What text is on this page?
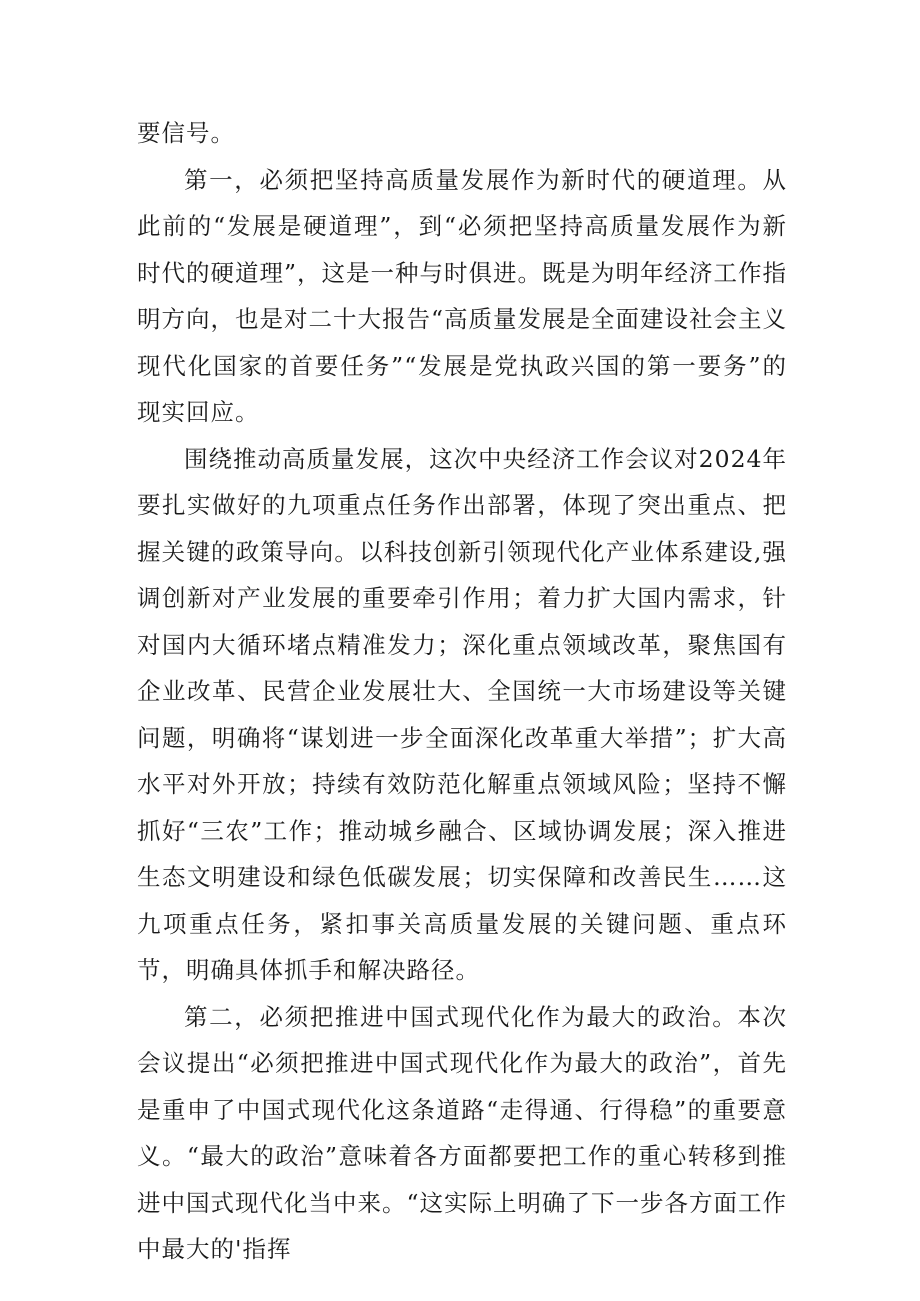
要信号。

第一，必须把坚持高质量发展作为新时代的硬道理。从此前的“发展是硬道理”，到“必须把坚持高质量发展作为新时代的硬道理”，这是一种与时俱进。既是为明年经济工作指明方向，也是对二十大报告“高质量发展是全面建设社会主义现代化国家的首要任务”“发展是党执政兴国的第一要务”的现实回应。

围绕推动高质量发展，这次中央经济工作会议对2024年要扎实做好的九项重点任务作出部署，体现了突出重点、把握关键的政策导向。以科技创新引领现代化产业体系建设,强调创新对产业发展的重要牵引作用；着力扩大国内需求，针对国内大循环堵点精准发力；深化重点领域改革，聚焦国有企业改革、民营企业发展壮大、全国统一大市场建设等关键问题，明确将“谋划进一步全面深化改革重大举措”；扩大高水平对外开放；持续有效防范化解重点领域风险；坚持不懈抓好“三农”工作；推动城乡融合、区域协调发展；深入推进生态文明建设和绿色低碳发展；切实保障和改善民生……这九项重点任务，紧扣事关高质量发展的关键问题、重点环节，明确具体抓手和解决路径。

第二，必须把推进中国式现代化作为最大的政治。本次会议提出“必须把推进中国式现代化作为最大的政治”，首先是重申了中国式现代化这条道路“走得通、行得稳”的重要意义。“最大的政治”意味着各方面都要把工作的重心转移到推进中国式现代化当中来。“这实际上明确了下一步各方面工作中最大的'指挥
